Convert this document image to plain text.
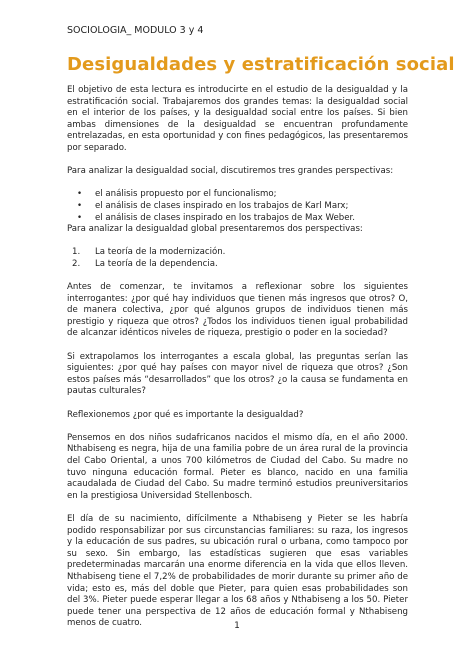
SOCIOLOGIA_ MODULO 3 y 4
Desigualdades y estratificación social

El objetivo de esta lectura es introducirte en el estudio de la desigualdad y la estratificación social. Trabajaremos dos grandes temas: la desigualdad social en el interior de los países, y la desigualdad social entre los países. Si bien ambas dimensiones de la desigualdad se encuentran profundamente entrelazadas, en esta oportunidad y con fines pedagógicos, las presentaremos por separado.

Para analizar la desigualdad social, discutiremos tres grandes perspectivas:

• el análisis propuesto por el funcionalismo;
• el análisis de clases inspirado en los trabajos de Karl Marx;
• el análisis de clases inspirado en los trabajos de Max Weber.

Para analizar la desigualdad global presentaremos dos perspectivas:

1. La teoría de la modernización.
2. La teoría de la dependencia.

Antes de comenzar, te invitamos a reflexionar sobre los siguientes interrogantes: ¿por qué hay individuos que tienen más ingresos que otros? O, de manera colectiva, ¿por qué algunos grupos de individuos tienen más prestigio y riqueza que otros? ¿Todos los individuos tienen igual probabilidad de alcanzar idénticos niveles de riqueza, prestigio o poder en la sociedad?

Si extrapolamos los interrogantes a escala global, las preguntas serían las siguientes: ¿por qué hay países con mayor nivel de riqueza que otros? ¿Son estos países más “desarrollados” que los otros? ¿o la causa se fundamenta en pautas culturales?

Reflexionemos ¿por qué es importante la desigualdad?

Pensemos en dos niños sudafricanos nacidos el mismo día, en el año 2000. Nthabiseng es negra, hija de una familia pobre de un área rural de la provincia del Cabo Oriental, a unos 700 kilómetros de Ciudad del Cabo. Su madre no tuvo ninguna educación formal. Pieter es blanco, nacido en una familia acaudalada de Ciudad del Cabo. Su madre terminó estudios preuniversitarios en la prestigiosa Universidad Stellenbosch.

El día de su nacimiento, difícilmente a Nthabiseng y Pieter se les habría podido responsabilizar por sus circunstancias familiares: su raza, los ingresos y la educación de sus padres, su ubicación rural o urbana, como tampoco por su sexo. Sin embargo, las estadísticas sugieren que esas variables predeterminadas marcarán una enorme diferencia en la vida que ellos lleven. Nthabiseng tiene el 7,2% de probabilidades de morir durante su primer año de vida; esto es, más del doble que Pieter, para quien esas probabilidades son del 3%. Pieter puede esperar llegar a los 68 años y Nthabiseng a los 50. Pieter puede tener una perspectiva de 12 años de educación formal y Nthabiseng menos de cuatro.	1
